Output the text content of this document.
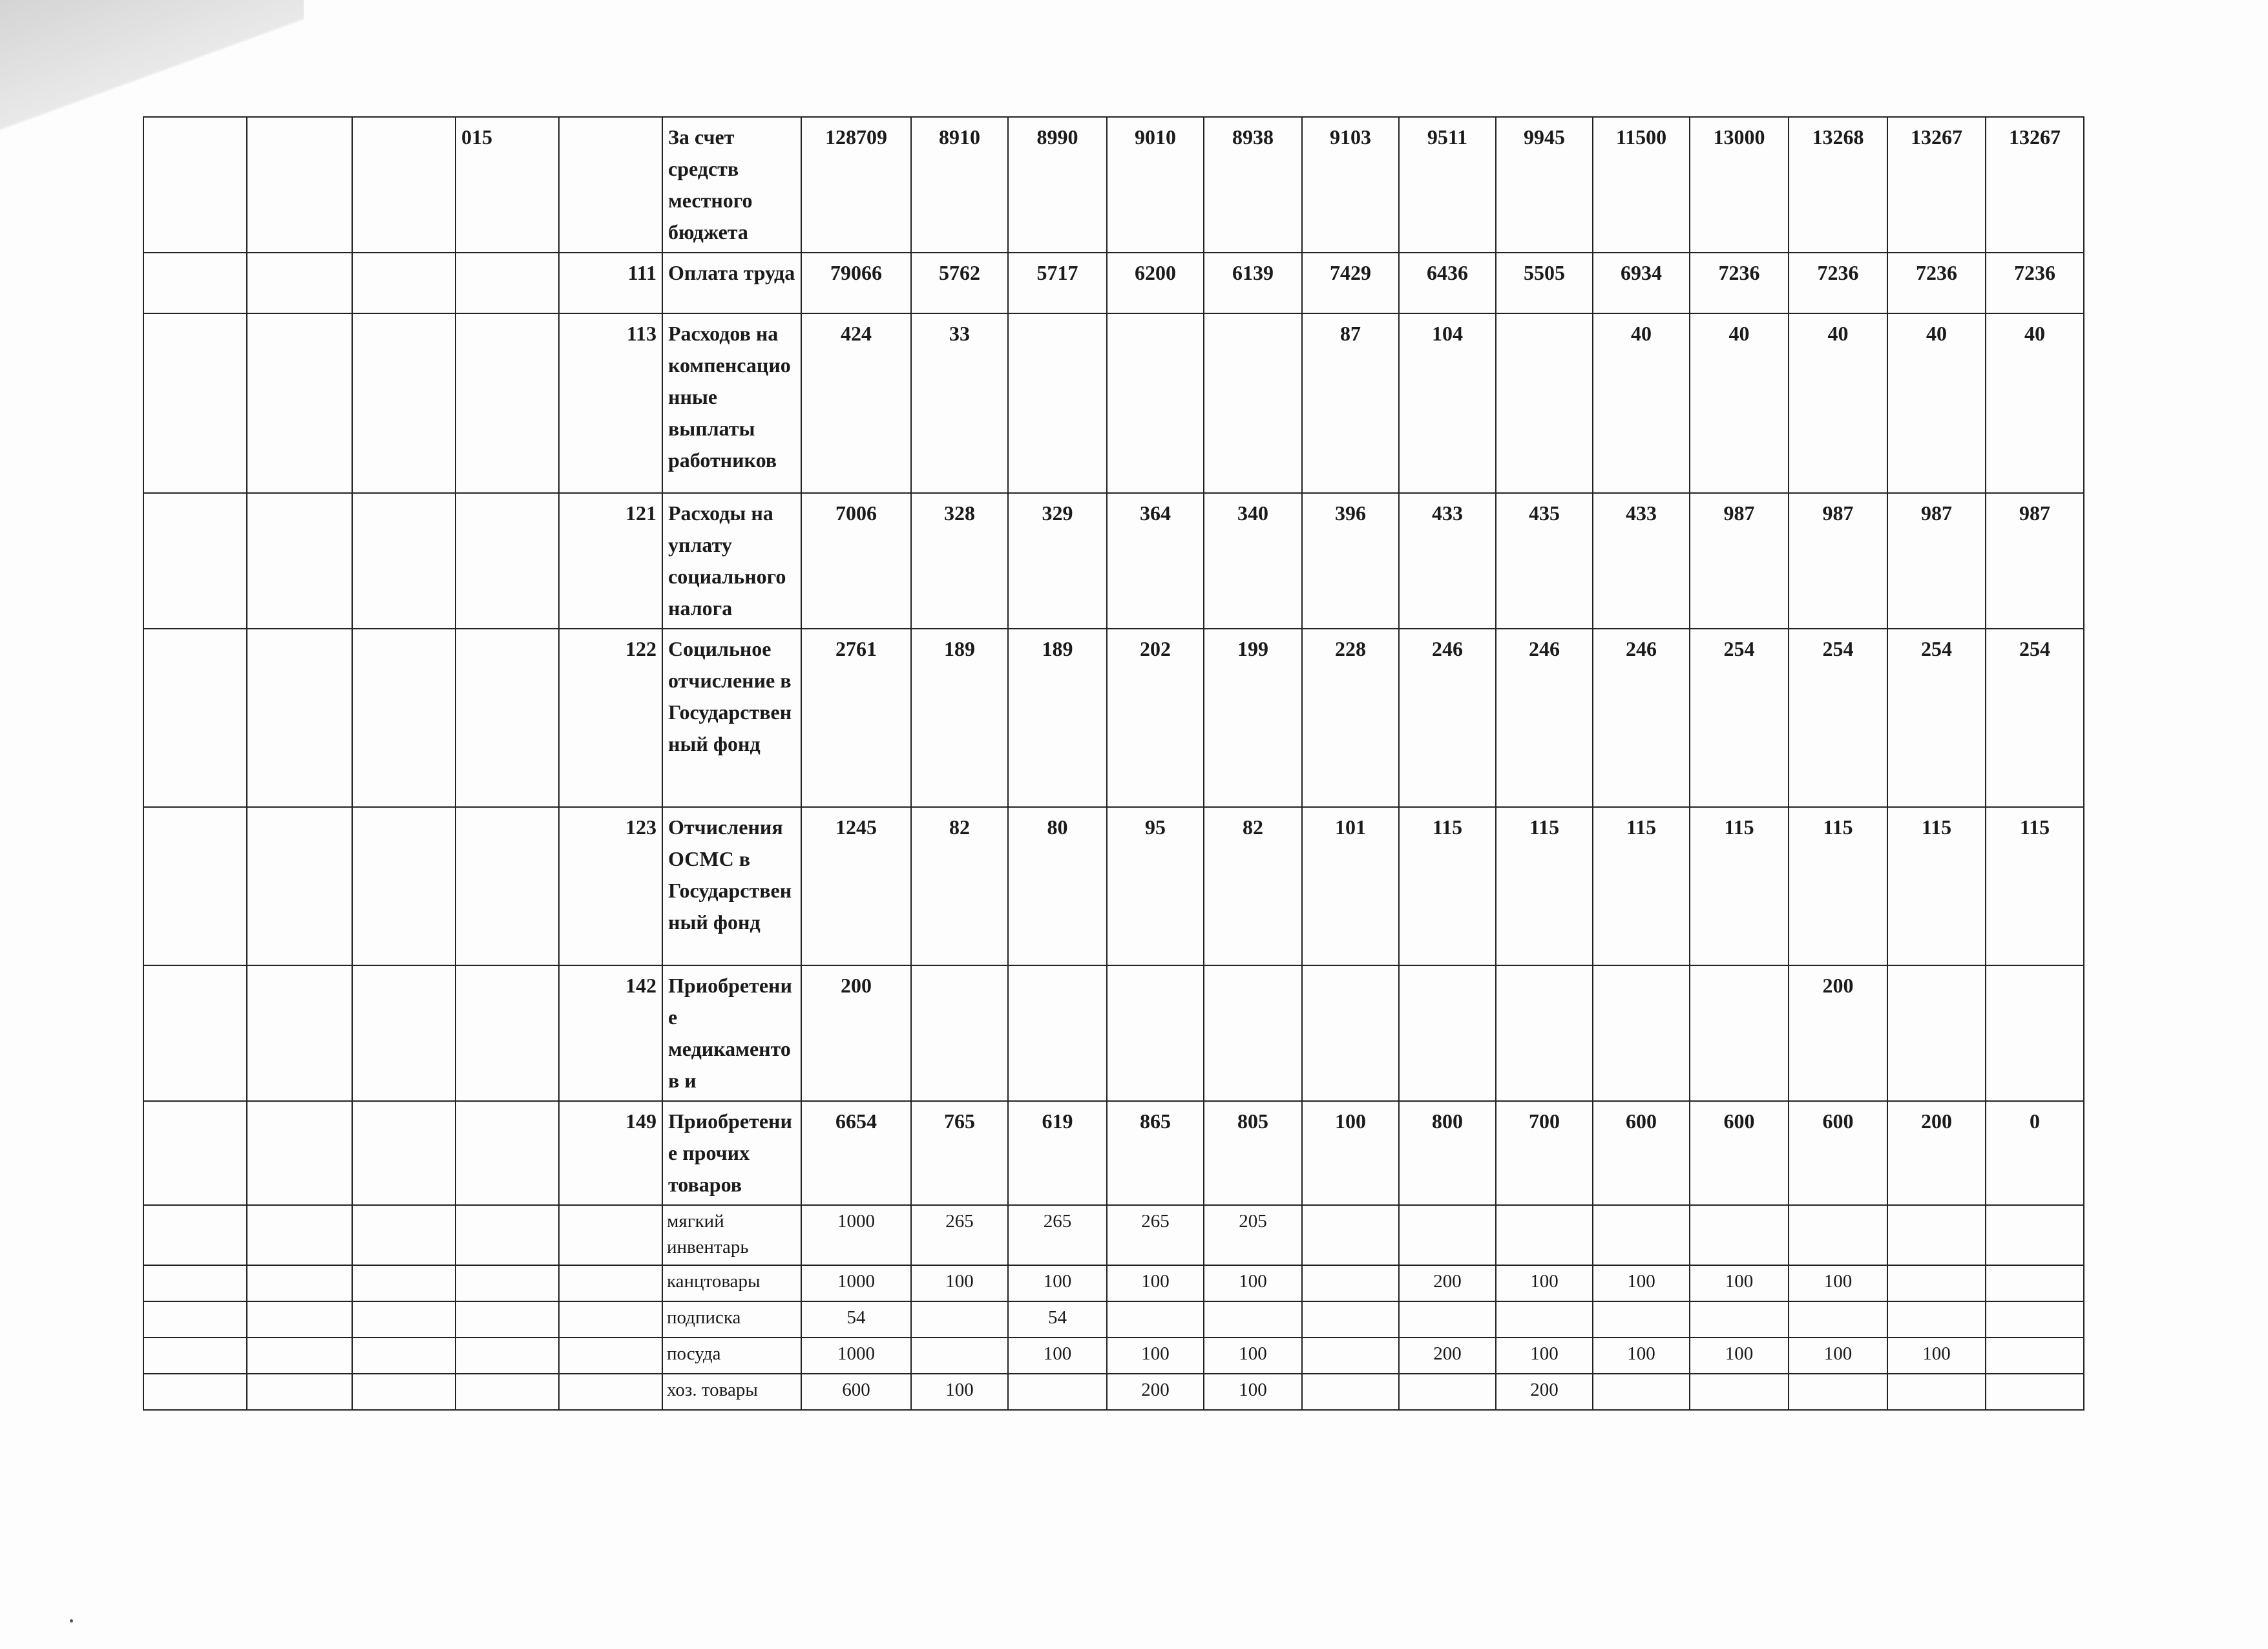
			015		За счет средств местного бюджета	128709	8910	8990	9010	8938	9103	9511	9945	11500	13000	13268	13267	13267
				111	Оплата труда	79066	5762	5717	6200	6139	7429	6436	5505	6934	7236	7236	7236	7236
				113	Расходов на компенсационные выплаты работников	424	33				87	104		40	40	40	40	40
				121	Расходы на уплату социального налога	7006	328	329	364	340	396	433	435	433	987	987	987	987
				122	Социльное отчисление в Государственный фонд	2761	189	189	202	199	228	246	246	246	254	254	254	254
				123	Отчисления ОСМС в Государственный фонд	1245	82	80	95	82	101	115	115	115	115	115	115	115
				142	Приобретение медикаментов и	200										200		
				149	Приобретение прочих товаров	6654	765	619	865	805	100	800	700	600	600	600	200	0
					мягкий инвентарь	1000	265	265	265	205								
					канцтовары	1000	100	100	100	100		200	100	100	100	100		
					подписка	54		54										
					посуда	1000		100	100	100		200	100	100	100	100	100	
					хоз. товары	600	100		200	100			200					
